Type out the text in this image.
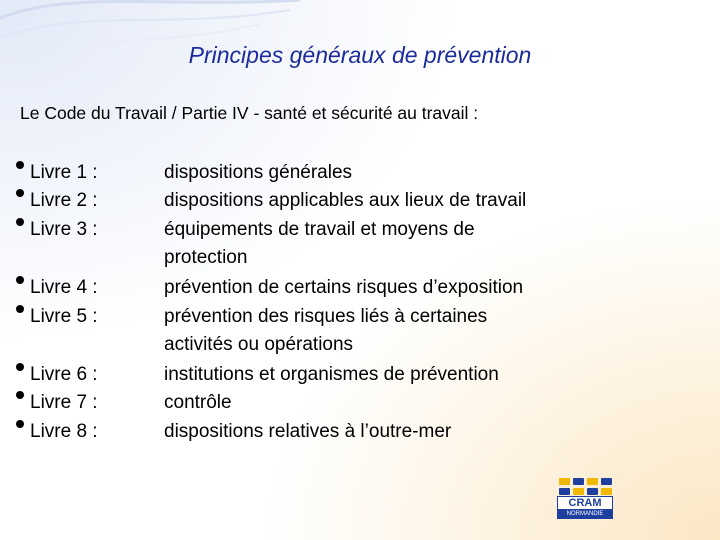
Principes généraux de prévention
Le Code du Travail / Partie IV - santé et sécurité au travail :
Livre 1 :	dispositions générales
Livre 2 :	dispositions applicables aux lieux de travail
Livre 3 :	équipements de travail et moyens de
protection
Livre 4 :	prévention de certains risques d’exposition
Livre 5 :	prévention des risques liés à certaines
activités ou opérations
Livre 6 :	institutions et organismes de prévention
Livre 7 :	contrôle
Livre 8 :	dispositions relatives à l’outre-mer
CRAM
NORMANDIE
